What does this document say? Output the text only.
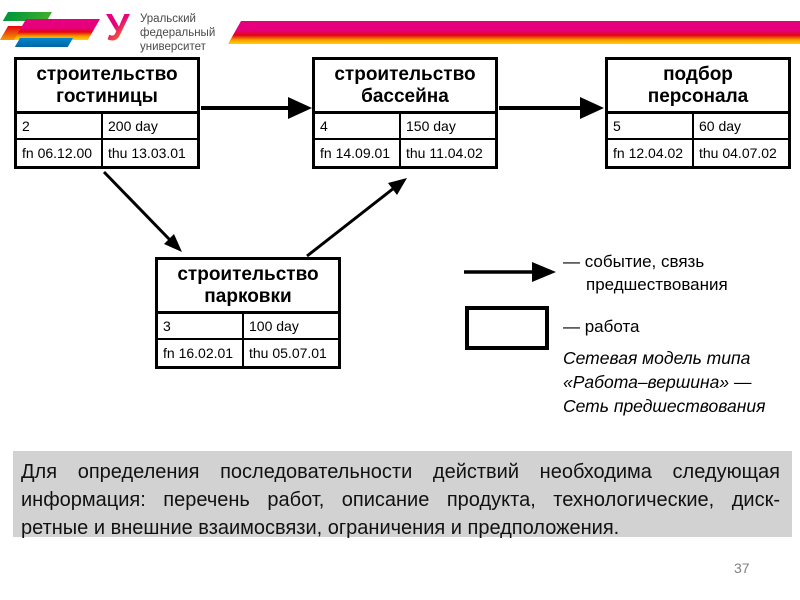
У Уральский
федеральный
университет
строительство
гостиницы
2	200 day
fn 06.12.00	thu 13.03.01
строительство
бассейна
4	150 day
fn 14.09.01	thu 11.04.02
подбор
персонала
5	60 day
fn 12.04.02	thu 04.07.02
строительство
парковки
3	100 day
fn 16.02.01	thu 05.07.01
— событие, связь
предшествования
— работа
Сетевая модель типа
«Работа–вершина» —
Сеть предшествования
Для определения последовательности действий необходима следующая
информация: перечень работ, описание продукта, технологические, диск-
ретные и внешние взаимосвязи, ограничения и предположения.
37
